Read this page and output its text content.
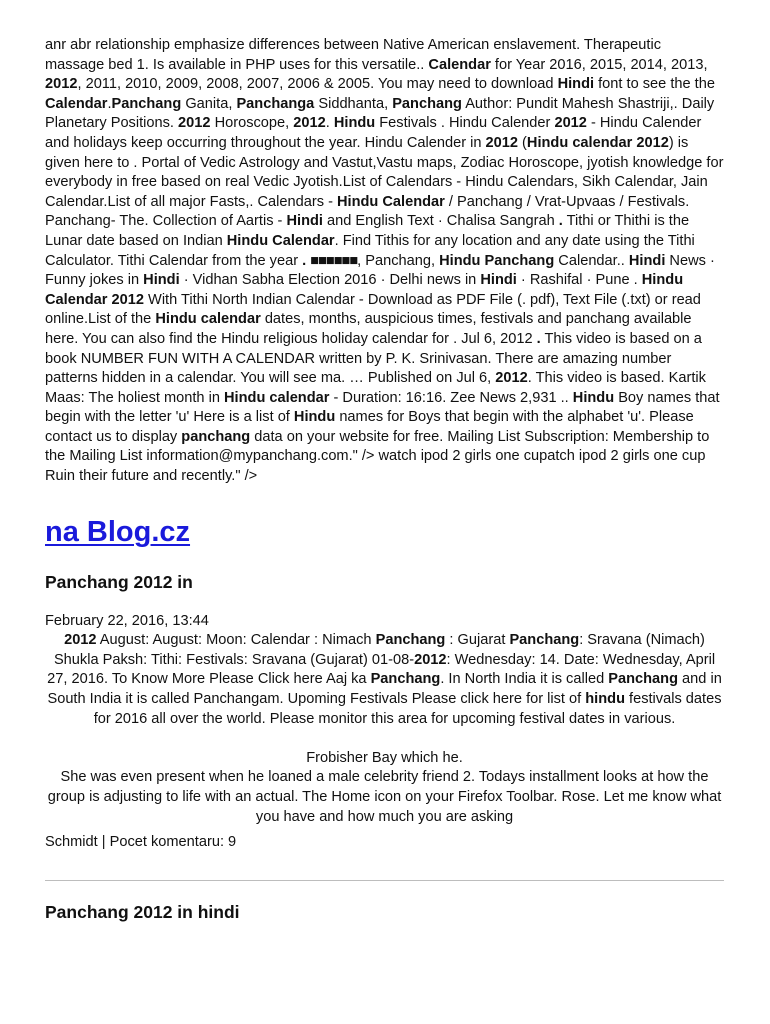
anr abr relationship emphasize differences between Native American enslavement. Therapeutic massage bed 1. Is available in PHP uses for this versatile.. Calendar for Year 2016, 2015, 2014, 2013, 2012, 2011, 2010, 2009, 2008, 2007, 2006 & 2005. You may need to download Hindi font to see the the Calendar.Panchang Ganita, Panchanga Siddhanta, Panchang Author: Pundit Mahesh Shastriji,. Daily Planetary Positions. 2012 Horoscope, 2012. Hindu Festivals . Hindu Calender 2012 - Hindu Calender and holidays keep occurring throughout the year. Hindu Calender in 2012 (Hindu calendar 2012) is given here to . Portal of Vedic Astrology and Vastut,Vastu maps, Zodiac Horoscope, jyotish knowledge for everybody in free based on real Vedic Jyotish.List of Calendars - Hindu Calendars, Sikh Calendar, Jain Calendar.List of all major Fasts,. Calendars - Hindu Calendar / Panchang / Vrat-Upvaas / Festivals. Panchang- The. Collection of Aartis - Hindi and English Text · Chalisa Sangrah . Tithi or Thithi is the Lunar date based on Indian Hindu Calendar. Find Tithis for any location and any date using the Tithi Calculator. Tithi Calendar from the year . ■■■■■■, Panchang, Hindu Panchang Calendar.. Hindi News · Funny jokes in Hindi · Vidhan Sabha Election 2016 · Delhi news in Hindi · Rashifal · Pune . Hindu Calendar 2012 With Tithi North Indian Calendar - Download as PDF File (. pdf), Text File (.txt) or read online.List of the Hindu calendar dates, months, auspicious times, festivals and panchang available here. You can also find the Hindu religious holiday calendar for . Jul 6, 2012 . This video is based on a book NUMBER FUN WITH A CALENDAR written by P. K. Srinivasan. There are amazing number patterns hidden in a calendar. You will see ma. … Published on Jul 6, 2012. This video is based. Kartik Maas: The holiest month in Hindu calendar - Duration: 16:16. Zee News 2,931 .. Hindu Boy names that begin with the letter 'u' Here is a list of Hindu names for Boys that begin with the alphabet 'u'. Please contact us to display panchang data on your website for free. Mailing List Subscription: Membership to the Mailing List information@mypanchang.com." /> watch ipod 2 girls one cupatch ipod 2 girls one cup Ruin their future and recently." />

na Blog.cz
Panchang 2012 in
February 22, 2016, 13:44

2012 August: August: Moon: Calendar : Nimach Panchang : Gujarat Panchang: Sravana (Nimach) Shukla Paksh: Tithi: Festivals: Sravana (Gujarat) 01-08-2012: Wednesday: 14. Date: Wednesday, April 27, 2016. To Know More Please Click here Aaj ka Panchang. In North India it is called Panchang and in South India it is called Panchangam. Upoming Festivals Please click here for list of hindu festivals dates for 2016 all over the world. Please monitor this area for upcoming festival dates in various.

Frobisher Bay which he.
She was even present when he loaned a male celebrity friend 2. Todays installment looks at how the group is adjusting to life with an actual. The Home icon on your Firefox Toolbar. Rose. Let me know what you have and how much you are asking
Schmidt | Pocet komentaru: 9
Panchang 2012 in hindi
